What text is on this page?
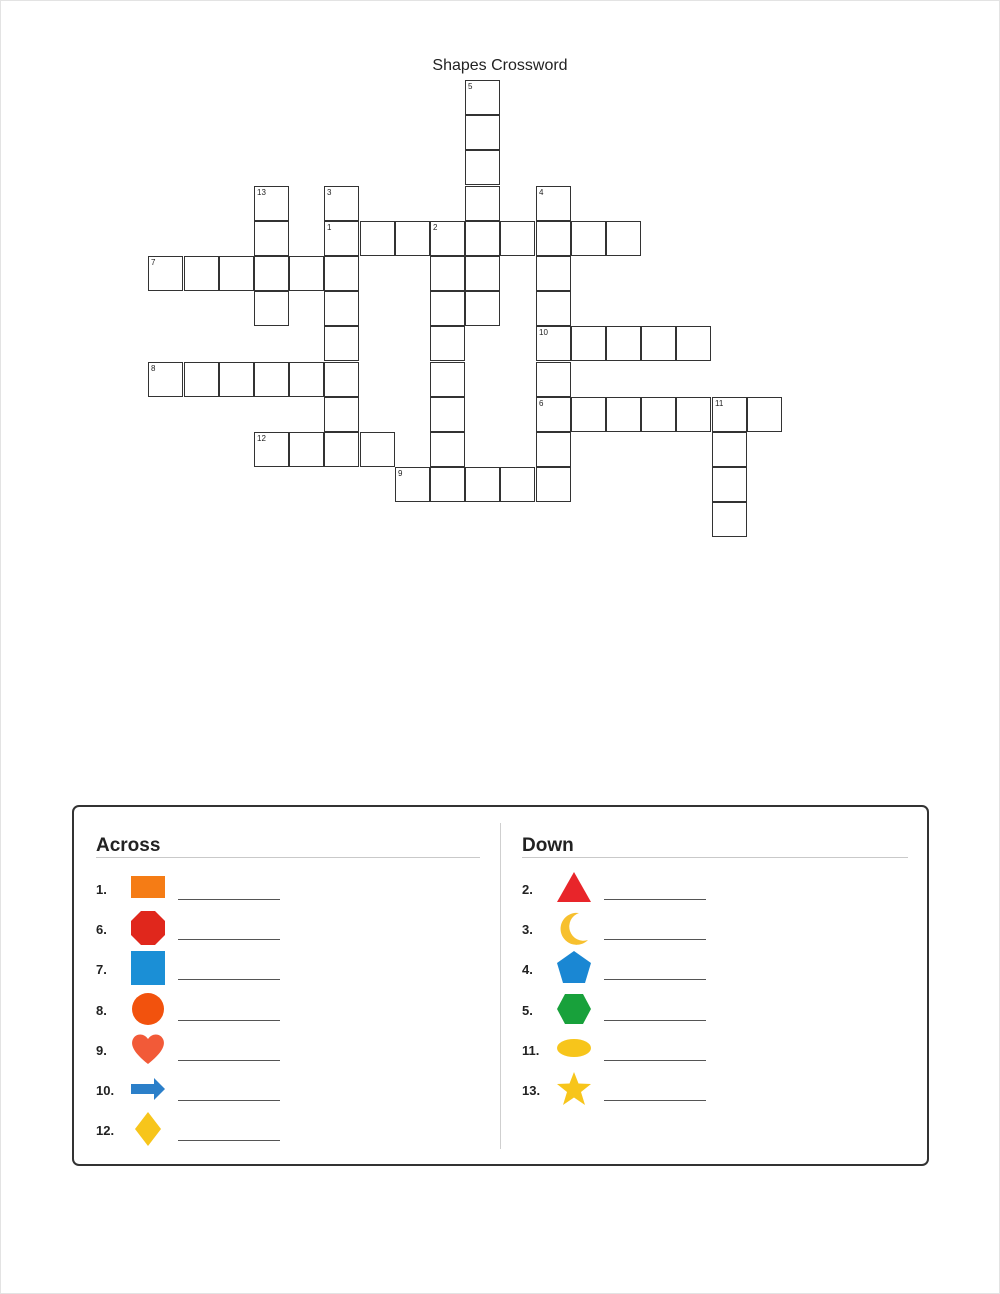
Shapes Crossword
5
13	3	4
1	2
7
10
8
6	11
12
9
Across
1.
6.
7.
8.
9.
10.
12.
Down
2.
3.
4.
5.
11.
13.
